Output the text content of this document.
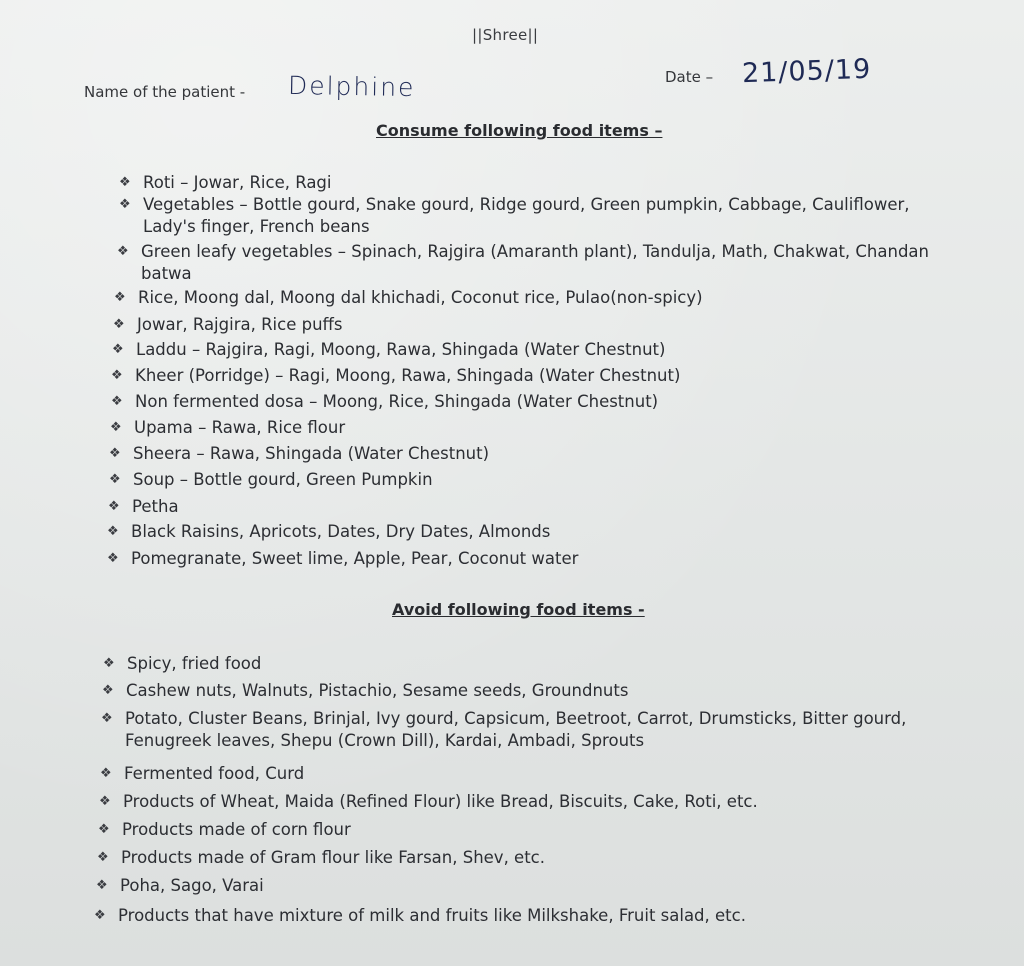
||Shree||
Name of the patient - Delphine	Date – 21/05/19
Consume following food items –
❖ Roti – Jowar, Rice, Ragi
❖ Vegetables – Bottle gourd, Snake gourd, Ridge gourd, Green pumpkin, Cabbage, Cauliflower,
Lady's finger, French beans
❖ Green leafy vegetables – Spinach, Rajgira (Amaranth plant), Tandulja, Math, Chakwat, Chandan
batwa
❖ Rice, Moong dal, Moong dal khichadi, Coconut rice, Pulao(non-spicy)
❖ Jowar, Rajgira, Rice puffs
❖ Laddu – Rajgira, Ragi, Moong, Rawa, Shingada (Water Chestnut)
❖ Kheer (Porridge) – Ragi, Moong, Rawa, Shingada (Water Chestnut)
❖ Non fermented dosa – Moong, Rice, Shingada (Water Chestnut)
❖ Upama – Rawa, Rice flour
❖ Sheera – Rawa, Shingada (Water Chestnut)
❖ Soup – Bottle gourd, Green Pumpkin
❖ Petha
❖ Black Raisins, Apricots, Dates, Dry Dates, Almonds
❖ Pomegranate, Sweet lime, Apple, Pear, Coconut water
Avoid following food items -
❖ Spicy, fried food
❖ Cashew nuts, Walnuts, Pistachio, Sesame seeds, Groundnuts
❖ Potato, Cluster Beans, Brinjal, Ivy gourd, Capsicum, Beetroot, Carrot, Drumsticks, Bitter gourd,
Fenugreek leaves, Shepu (Crown Dill), Kardai, Ambadi, Sprouts
❖ Fermented food, Curd
❖ Products of Wheat, Maida (Refined Flour) like Bread, Biscuits, Cake, Roti, etc.
❖ Products made of corn flour
❖ Products made of Gram flour like Farsan, Shev, etc.
❖ Poha, Sago, Varai
❖ Products that have mixture of milk and fruits like Milkshake, Fruit salad, etc.
